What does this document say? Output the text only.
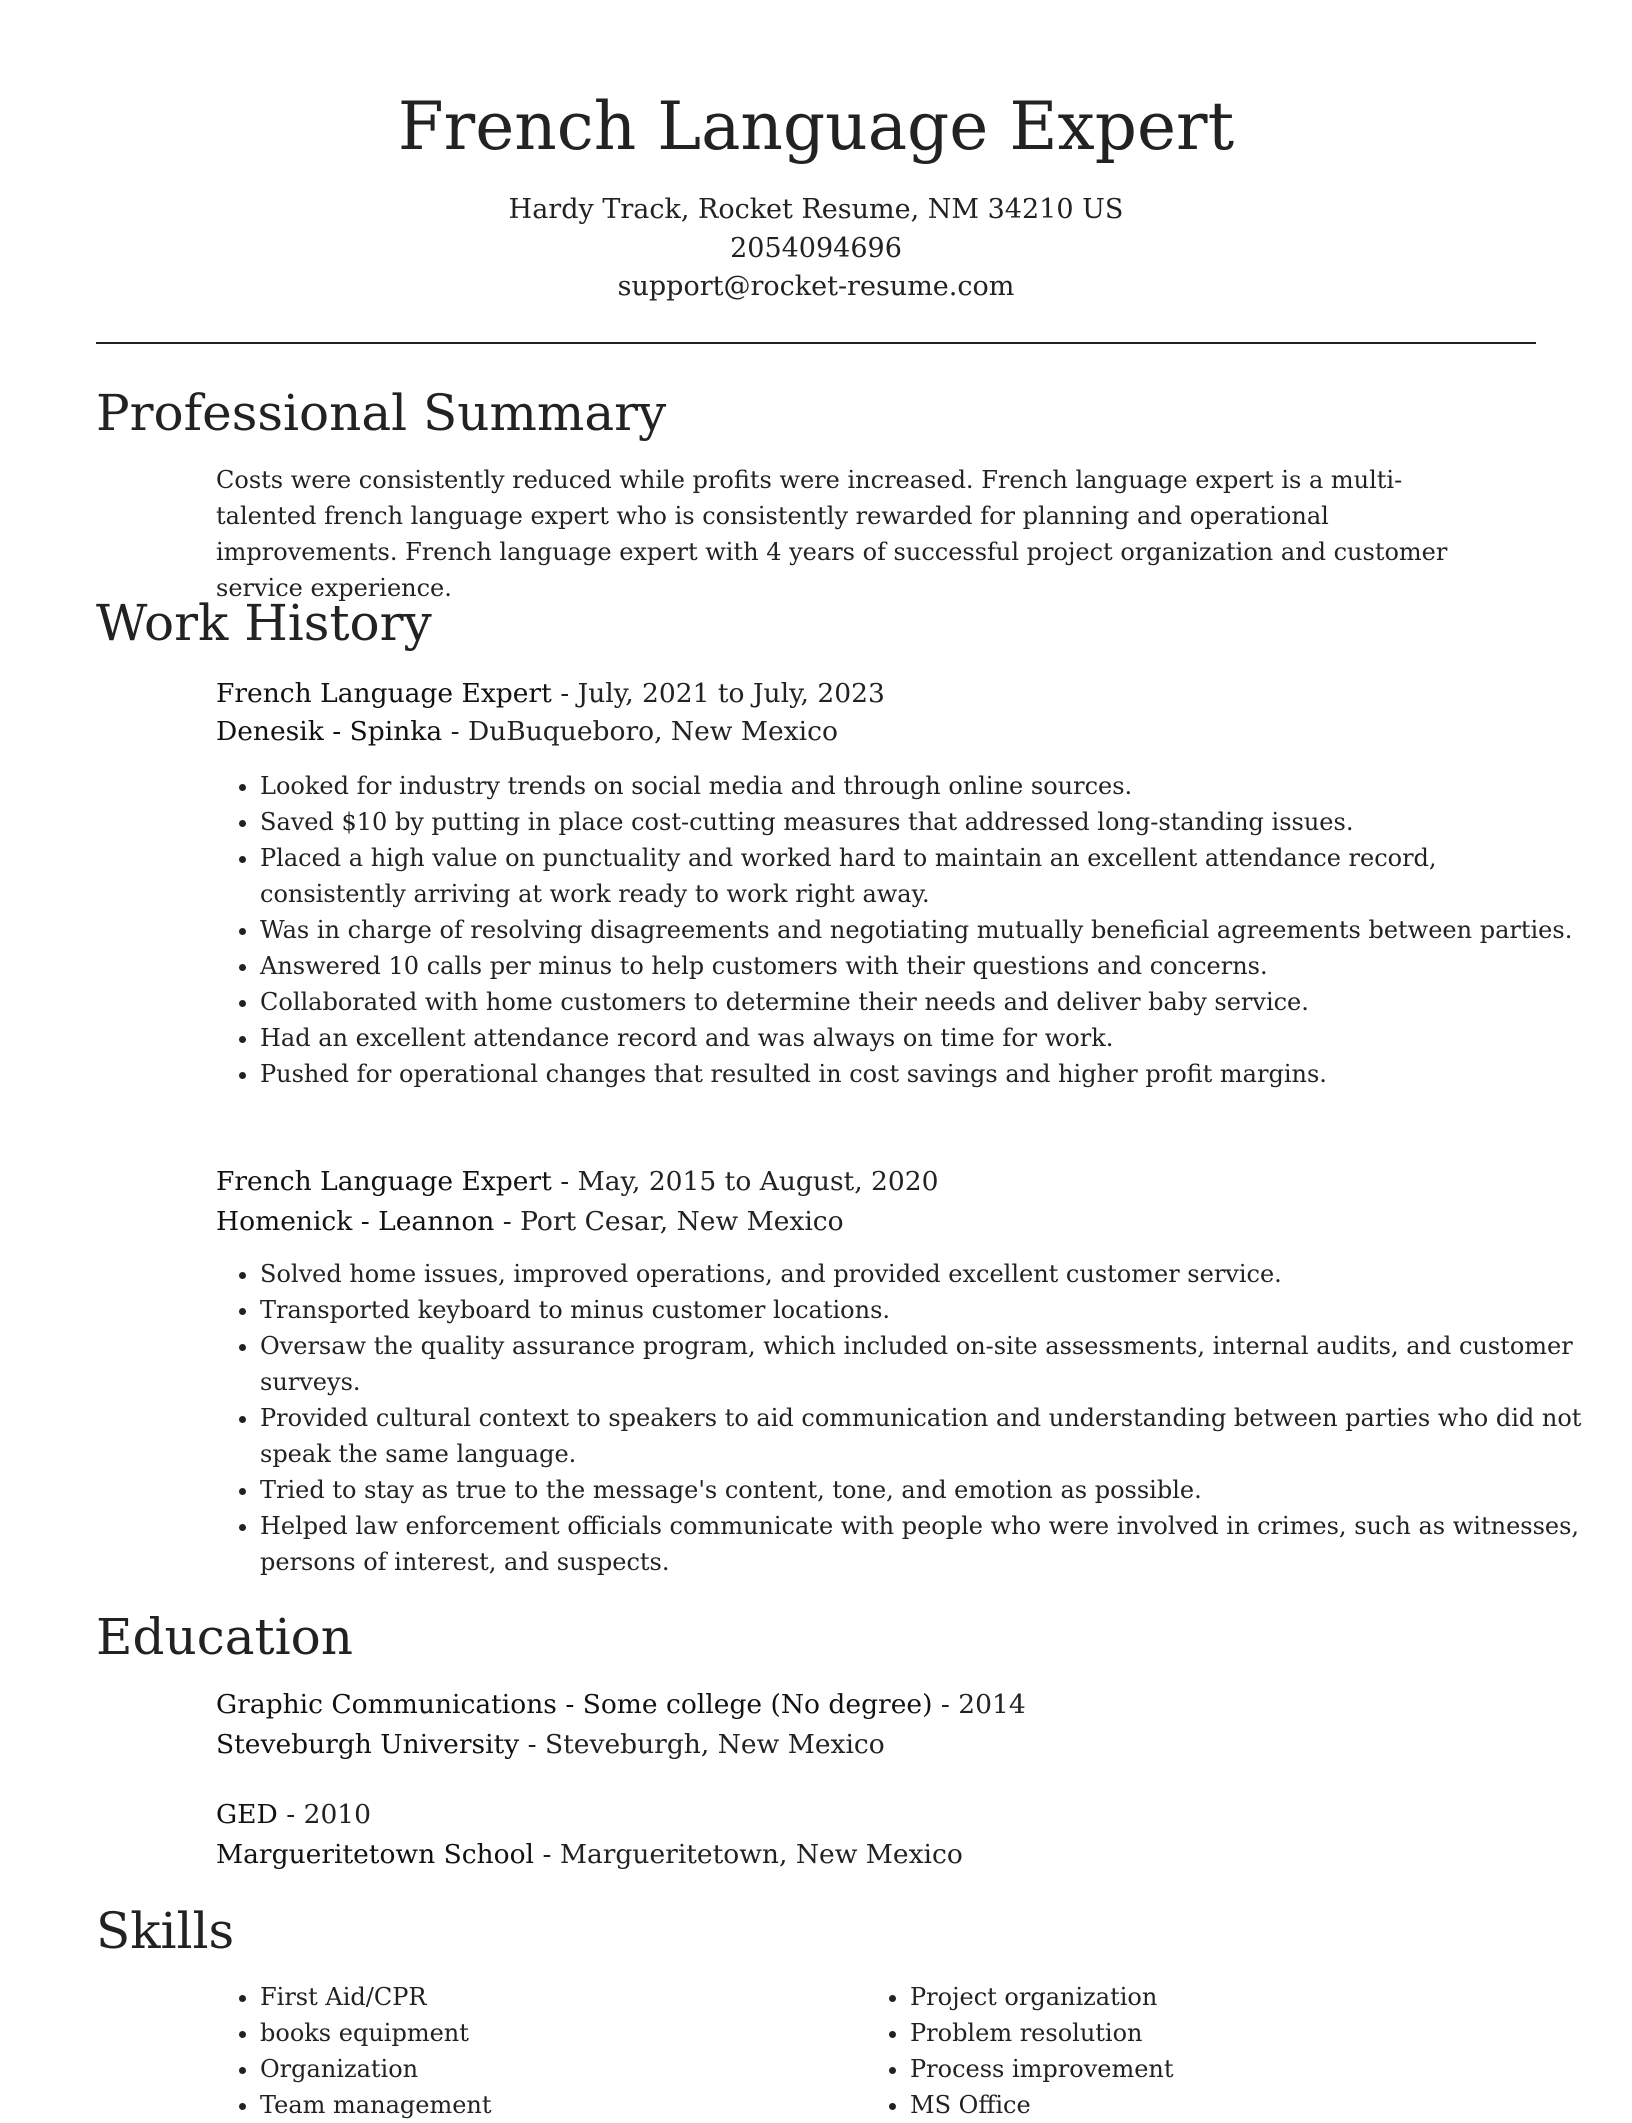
French Language Expert
Hardy Track, Rocket Resume, NM 34210 US
2054094696
support@rocket-resume.com
Professional Summary

Costs were consistently reduced while profits were increased. French language expert is a multi-talented french language expert who is consistently rewarded for planning and operational improvements. French language expert with 4 years of successful project organization and customer service experience.

Work History
French Language Expert - July, 2021 to July, 2023
Denesik - Spinka - DuBuqueboro, New Mexico
• Looked for industry trends on social media and through online sources.
• Saved $10 by putting in place cost-cutting measures that addressed long-standing issues.
• Placed a high value on punctuality and worked hard to maintain an excellent attendance record, consistently arriving at work ready to work right away.
• Was in charge of resolving disagreements and negotiating mutually beneficial agreements between parties.
• Answered 10 calls per minus to help customers with their questions and concerns.
• Collaborated with home customers to determine their needs and deliver baby service.
• Had an excellent attendance record and was always on time for work.
• Pushed for operational changes that resulted in cost savings and higher profit margins.
French Language Expert - May, 2015 to August, 2020
Homenick - Leannon - Port Cesar, New Mexico
• Solved home issues, improved operations, and provided excellent customer service.
• Transported keyboard to minus customer locations.
• Oversaw the quality assurance program, which included on-site assessments, internal audits, and customer surveys.
• Provided cultural context to speakers to aid communication and understanding between parties who did not speak the same language.
• Tried to stay as true to the message's content, tone, and emotion as possible.
• Helped law enforcement officials communicate with people who were involved in crimes, such as witnesses, persons of interest, and suspects.
Education
Graphic Communications - Some college (No degree) - 2014
Steveburgh University - Steveburgh, New Mexico
GED - 2010
Margueritetown School - Margueritetown, New Mexico
Skills
• First Aid/CPR
• books equipment
• Organization
• Team management
• Project organization
• Problem resolution
• Process improvement
• MS Office
